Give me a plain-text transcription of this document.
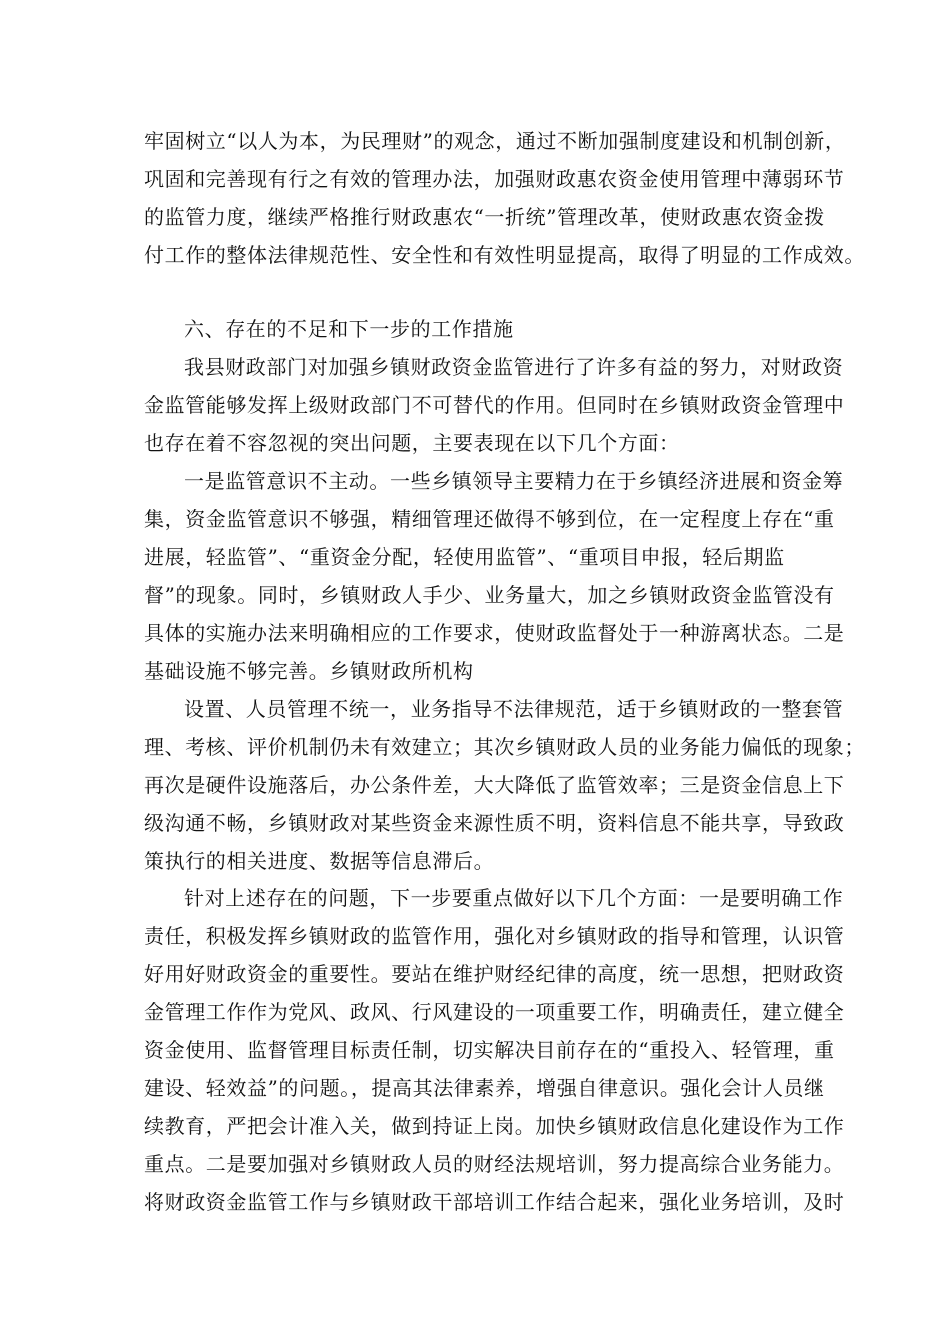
牢固树立“以人为本，为民理财”的观念，通过不断加强制度建设和机制创新，
巩固和完善现有行之有效的管理办法，加强财政惠农资金使用管理中薄弱环节
的监管力度，继续严格推行财政惠农“一折统”管理改革，使财政惠农资金拨
付工作的整体法律规范性、安全性和有效性明显提高，取得了明显的工作成效。
六、存在的不足和下一步的工作措施
我县财政部门对加强乡镇财政资金监管进行了许多有益的努力，对财政资
金监管能够发挥上级财政部门不可替代的作用。但同时在乡镇财政资金管理中
也存在着不容忽视的突出问题，主要表现在以下几个方面：
一是监管意识不主动。一些乡镇领导主要精力在于乡镇经济进展和资金筹
集，资金监管意识不够强，精细管理还做得不够到位，在一定程度上存在“重
进展，轻监管”、“重资金分配，轻使用监管”、“重项目申报，轻后期监
督”的现象。同时，乡镇财政人手少、业务量大，加之乡镇财政资金监管没有
具体的实施办法来明确相应的工作要求，使财政监督处于一种游离状态。二是
基础设施不够完善。乡镇财政所机构
设置、人员管理不统一，业务指导不法律规范，适于乡镇财政的一整套管
理、考核、评价机制仍未有效建立；其次乡镇财政人员的业务能力偏低的现象；
再次是硬件设施落后，办公条件差，大大降低了监管效率；三是资金信息上下
级沟通不畅，乡镇财政对某些资金来源性质不明，资料信息不能共享，导致政
策执行的相关进度、数据等信息滞后。
针对上述存在的问题，下一步要重点做好以下几个方面：一是要明确工作
责任，积极发挥乡镇财政的监管作用，强化对乡镇财政的指导和管理，认识管
好用好财政资金的重要性。要站在维护财经纪律的高度，统一思想，把财政资
金管理工作作为党风、政风、行风建设的一项重要工作，明确责任，建立健全
资金使用、监督管理目标责任制，切实解决目前存在的“重投入、轻管理，重
建设、轻效益”的问题。，提高其法律素养，增强自律意识。强化会计人员继
续教育，严把会计准入关，做到持证上岗。加快乡镇财政信息化建设作为工作
重点。二是要加强对乡镇财政人员的财经法规培训，努力提高综合业务能力。
将财政资金监管工作与乡镇财政干部培训工作结合起来，强化业务培训，及时
